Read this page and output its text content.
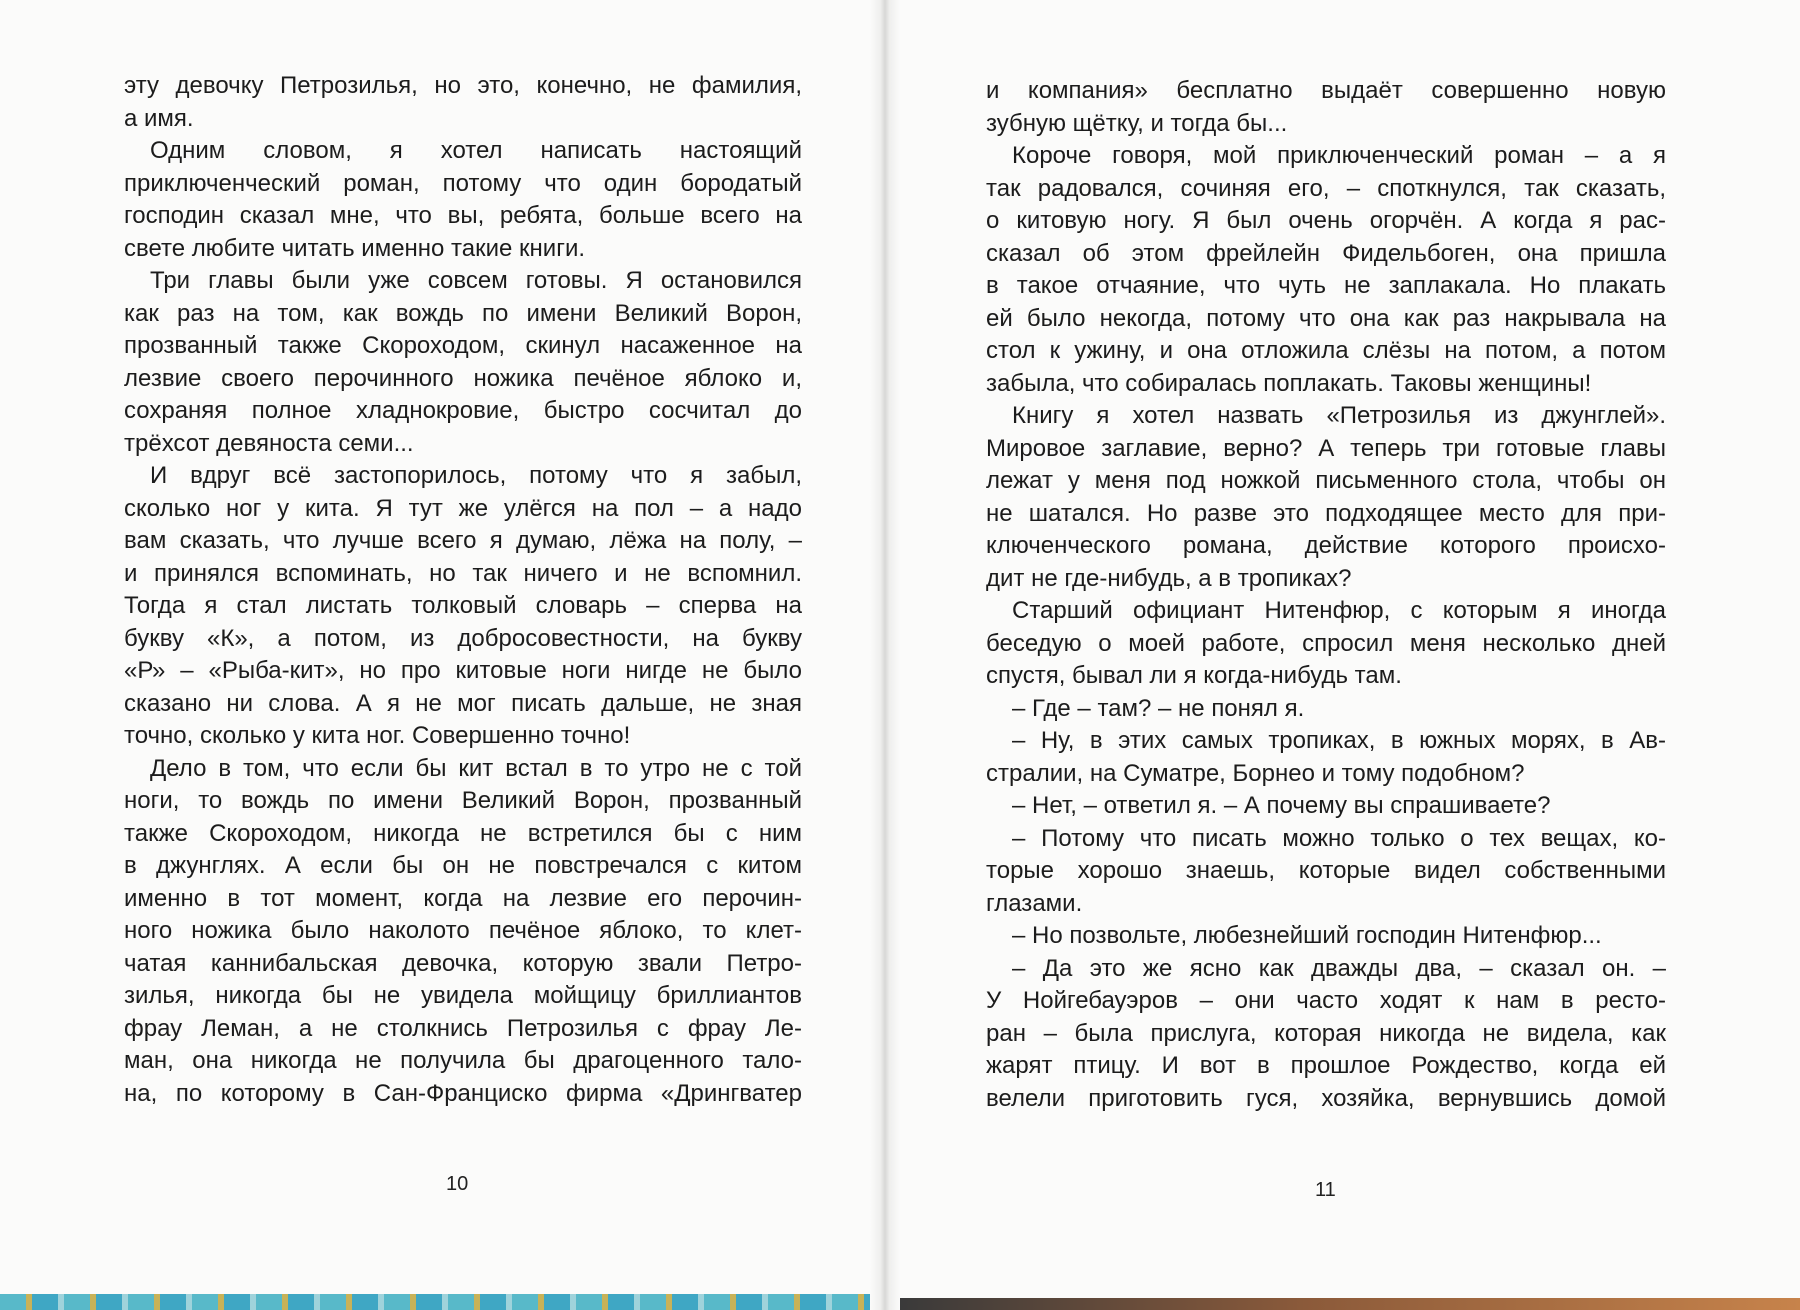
эту девочку Петрозилья, но это, конечно, не фамилия,
а имя.
Одним словом, я хотел написать настоящий
приключенческий роман, потому что один бородатый
господин сказал мне, что вы, ребята, больше всего на
свете любите читать именно такие книги.
Три главы были уже совсем готовы. Я остановился
как раз на том, как вождь по имени Великий Ворон,
прозванный также Скороходом, скинул насаженное на
лезвие своего перочинного ножика печёное яблоко и,
сохраняя полное хладнокровие, быстро сосчитал до
трёхсот девяноста семи...
И вдруг всё застопорилось, потому что я забыл,
сколько ног у кита. Я тут же улёгся на пол – а надо
вам сказать, что лучше всего я думаю, лёжа на полу, –
и принялся вспоминать, но так ничего и не вспомнил.
Тогда я стал листать толковый словарь – сперва на
букву «К», а потом, из добросовестности, на букву
«Р» – «Рыба-кит», но про китовые ноги нигде не было
сказано ни слова. А я не мог писать дальше, не зная
точно, сколько у кита ног. Совершенно точно!
Дело в том, что если бы кит встал в то утро не с той
ноги, то вождь по имени Великий Ворон, прозванный
также Скороходом, никогда не встретился бы с ним
в джунглях. А если бы он не повстречался с китом
именно в тот момент, когда на лезвие его перочин-
ного ножика было наколото печёное яблоко, то клет-
чатая каннибальская девочка, которую звали Петро-
зилья, никогда бы не увидела мойщицу бриллиантов
фрау Леман, а не столкнись Петрозилья с фрау Ле-
ман, она никогда не получила бы драгоценного тало-
на, по которому в Сан-Франциско фирма «Дрингватер
10
и компания» бесплатно выдаёт совершенно новую
зубную щётку, и тогда бы...
Короче говоря, мой приключенческий роман – а я
так радовался, сочиняя его, – споткнулся, так сказать,
о китовую ногу. Я был очень огорчён. А когда я рас-
сказал об этом фрейлейн Фидельбоген, она пришла
в такое отчаяние, что чуть не заплакала. Но плакать
ей было некогда, потому что она как раз накрывала на
стол к ужину, и она отложила слёзы на потом, а потом
забыла, что собиралась поплакать. Таковы женщины!
Книгу я хотел назвать «Петрозилья из джунглей».
Мировое заглавие, верно? А теперь три готовые главы
лежат у меня под ножкой письменного стола, чтобы он
не шатался. Но разве это подходящее место для при-
ключенческого романа, действие которого происхо-
дит не где-нибудь, а в тропиках?
Старший официант Нитенфюр, с которым я иногда
беседую о моей работе, спросил меня несколько дней
спустя, бывал ли я когда-нибудь там.
– Где – там? – не понял я.
– Ну, в этих самых тропиках, в южных морях, в Ав-
стралии, на Суматре, Борнео и тому подобном?
– Нет, – ответил я. – А почему вы спрашиваете?
– Потому что писать можно только о тех вещах, ко-
торые хорошо знаешь, которые видел собственными
глазами.
– Но позвольте, любезнейший господин Нитенфюр...
– Да это же ясно как дважды два, – сказал он. –
У Нойгебауэров – они часто ходят к нам в ресто-
ран – была прислуга, которая никогда не видела, как
жарят птицу. И вот в прошлое Рождество, когда ей
велели приготовить гуся, хозяйка, вернувшись домой
11
